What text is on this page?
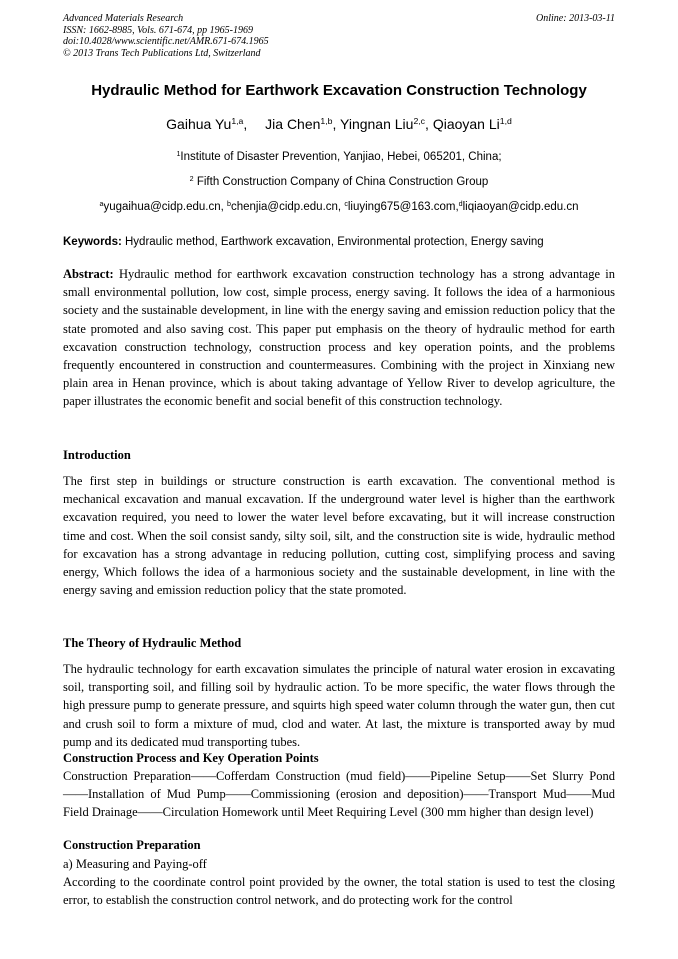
Advanced Materials Research
ISSN: 1662-8985, Vols. 671-674, pp 1965-1969
doi:10.4028/www.scientific.net/AMR.671-674.1965
© 2013 Trans Tech Publications Ltd, Switzerland
Online: 2013-03-11
Hydraulic Method for Earthwork Excavation Construction Technology
Gaihua Yu$^{1,a}$, Jia Chen$^{1,b}$, Yingnan Liu$^{2,c}$, Qiaoyan Li$^{1,d}$
$^1$Institute of Disaster Prevention, Yanjiao, Hebei, 065201, China;
$^2$ Fifth Construction Company of China Construction Group
$^a$yugaihua@cidp.edu.cn, $^b$chenjia@cidp.edu.cn, $^c$liuying675@163.com,$^d$liqiaoyan@cidp.edu.cn
Keywords: Hydraulic method, Earthwork excavation, Environmental protection, Energy saving

Abstract: Hydraulic method for earthwork excavation construction technology has a strong advantage in small environmental pollution, low cost, simple process, energy saving. It follows the idea of a harmonious society and the sustainable development, in line with the energy saving and emission reduction policy that the state promoted and also saving cost. This paper put emphasis on the theory of hydraulic method for earth excavation construction technology, construction process and key operation points, and the problems frequently encountered in construction and countermeasures. Combining with the project in Xinxiang new plain area in Henan province, which is about taking advantage of Yellow River to develop agriculture, the paper illustrates the economic benefit and social benefit of this construction technology.

Introduction

The first step in buildings or structure construction is earth excavation. The conventional method is mechanical excavation and manual excavation. If the underground water level is higher than the earthwork excavation required, you need to lower the water level before excavating, but it will increase construction time and cost. When the soil consist sandy, silty soil, silt, and the construction site is wide, hydraulic method for excavation has a strong advantage in reducing pollution, cutting cost, simplifying process and saving energy, Which follows the idea of a harmonious society and the sustainable development, in line with the energy saving and emission reduction policy that the state promoted.

The Theory of Hydraulic Method

The hydraulic technology for earth excavation simulates the principle of natural water erosion in excavating soil, transporting soil, and filling soil by hydraulic action. To be more specific, the water flows through the high pressure pump to generate pressure, and squirts high speed water column through the water gun, then cut and crush soil to form a mixture of mud, clod and water. At last, the mixture is transported away by mud pump and its dedicated mud transporting tubes.

Construction Process and Key Operation Points

Construction Preparation——Cofferdam Construction (mud field)——Pipeline Setup——Set Slurry Pond——Installation of Mud Pump——Commissioning (erosion and deposition)——Transport Mud——Mud Field Drainage——Circulation Homework until Meet Requiring Level (300 mm higher than design level)

Construction Preparation

a) Measuring and Paying-off

According to the coordinate control point provided by the owner, the total station is used to test the closing error, to establish the construction control network, and do protecting work for the control
